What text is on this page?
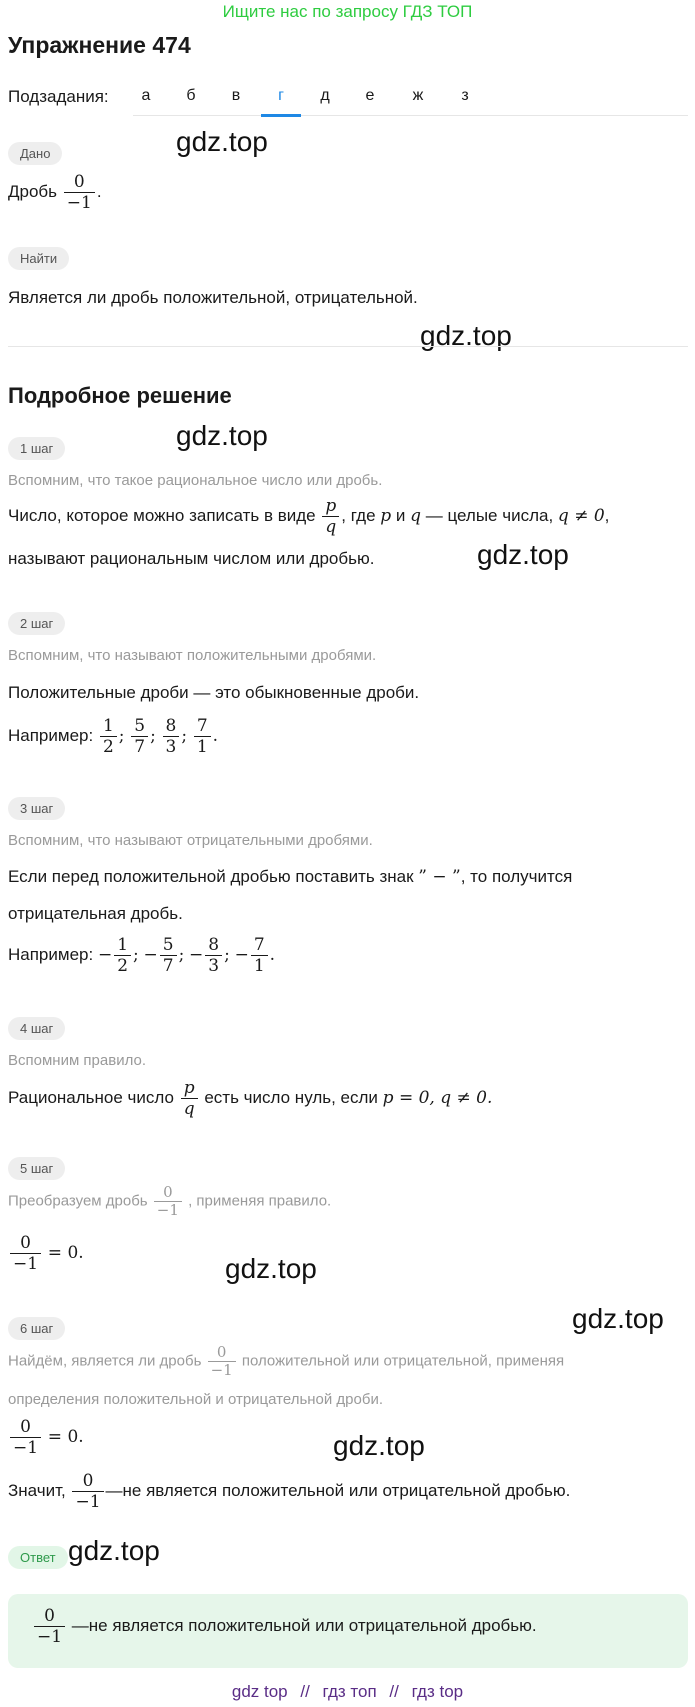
Ищите нас по запросу ГДЗ ТОП
Упражнение 474
Подзадания:	а	б	в	г	д	е	ж	з
Дано	gdz.top
Дробь $\frac{0}{-1}$ .
Найти
Является ли дробь положительной, отрицательной.
gdz.top
Подробное решение
1 шаг	gdz.top
Вспомним, что такое рациональное число или дробь.
Число, которое можно записать в виде $\frac{p}{q}$ , где p и q — целые числа, q ≠ 0,
называют рациональным числом или дробью.	gdz.top
2 шаг
Вспомним, что называют положительными дробями.
Положительные дроби — это обыкновенные дроби.
Например: $\frac{1}{2}$ ; $\frac{5}{7}$ ; $\frac{8}{3}$ ; $\frac{7}{1}$ .
3 шаг
Вспомним, что называют отрицательными дробями.
Если перед положительной дробью поставить знак ” − ”, то получится
отрицательная дробь.
Например: − $\frac{1}{2}$ ; − $\frac{5}{7}$ ; − $\frac{8}{3}$ ; − $\frac{7}{1}$ .
4 шаг
Вспомним правило.
Рациональное число $\frac{p}{q}$ есть число нуль, если p = 0, q ≠ 0.
5 шаг
Преобразуем дробь $\frac{0}{-1}$ , применяя правило.
$\frac{0}{-1} = 0$.
gdz.top
gdz.top
6 шаг
Найдём, является ли дробь $\frac{0}{-1}$ положительной или отрицательной, применяя
определения положительной и отрицательной дроби.
$\frac{0}{-1} = 0$.	gdz.top
Значит, $\frac{0}{-1}$ —не является положительной или отрицательной дробью.
Ответ gdz.top
$\frac{0}{-1}$ —не является положительной или отрицательной дробью.
gdz top // гдз топ // гдз top
